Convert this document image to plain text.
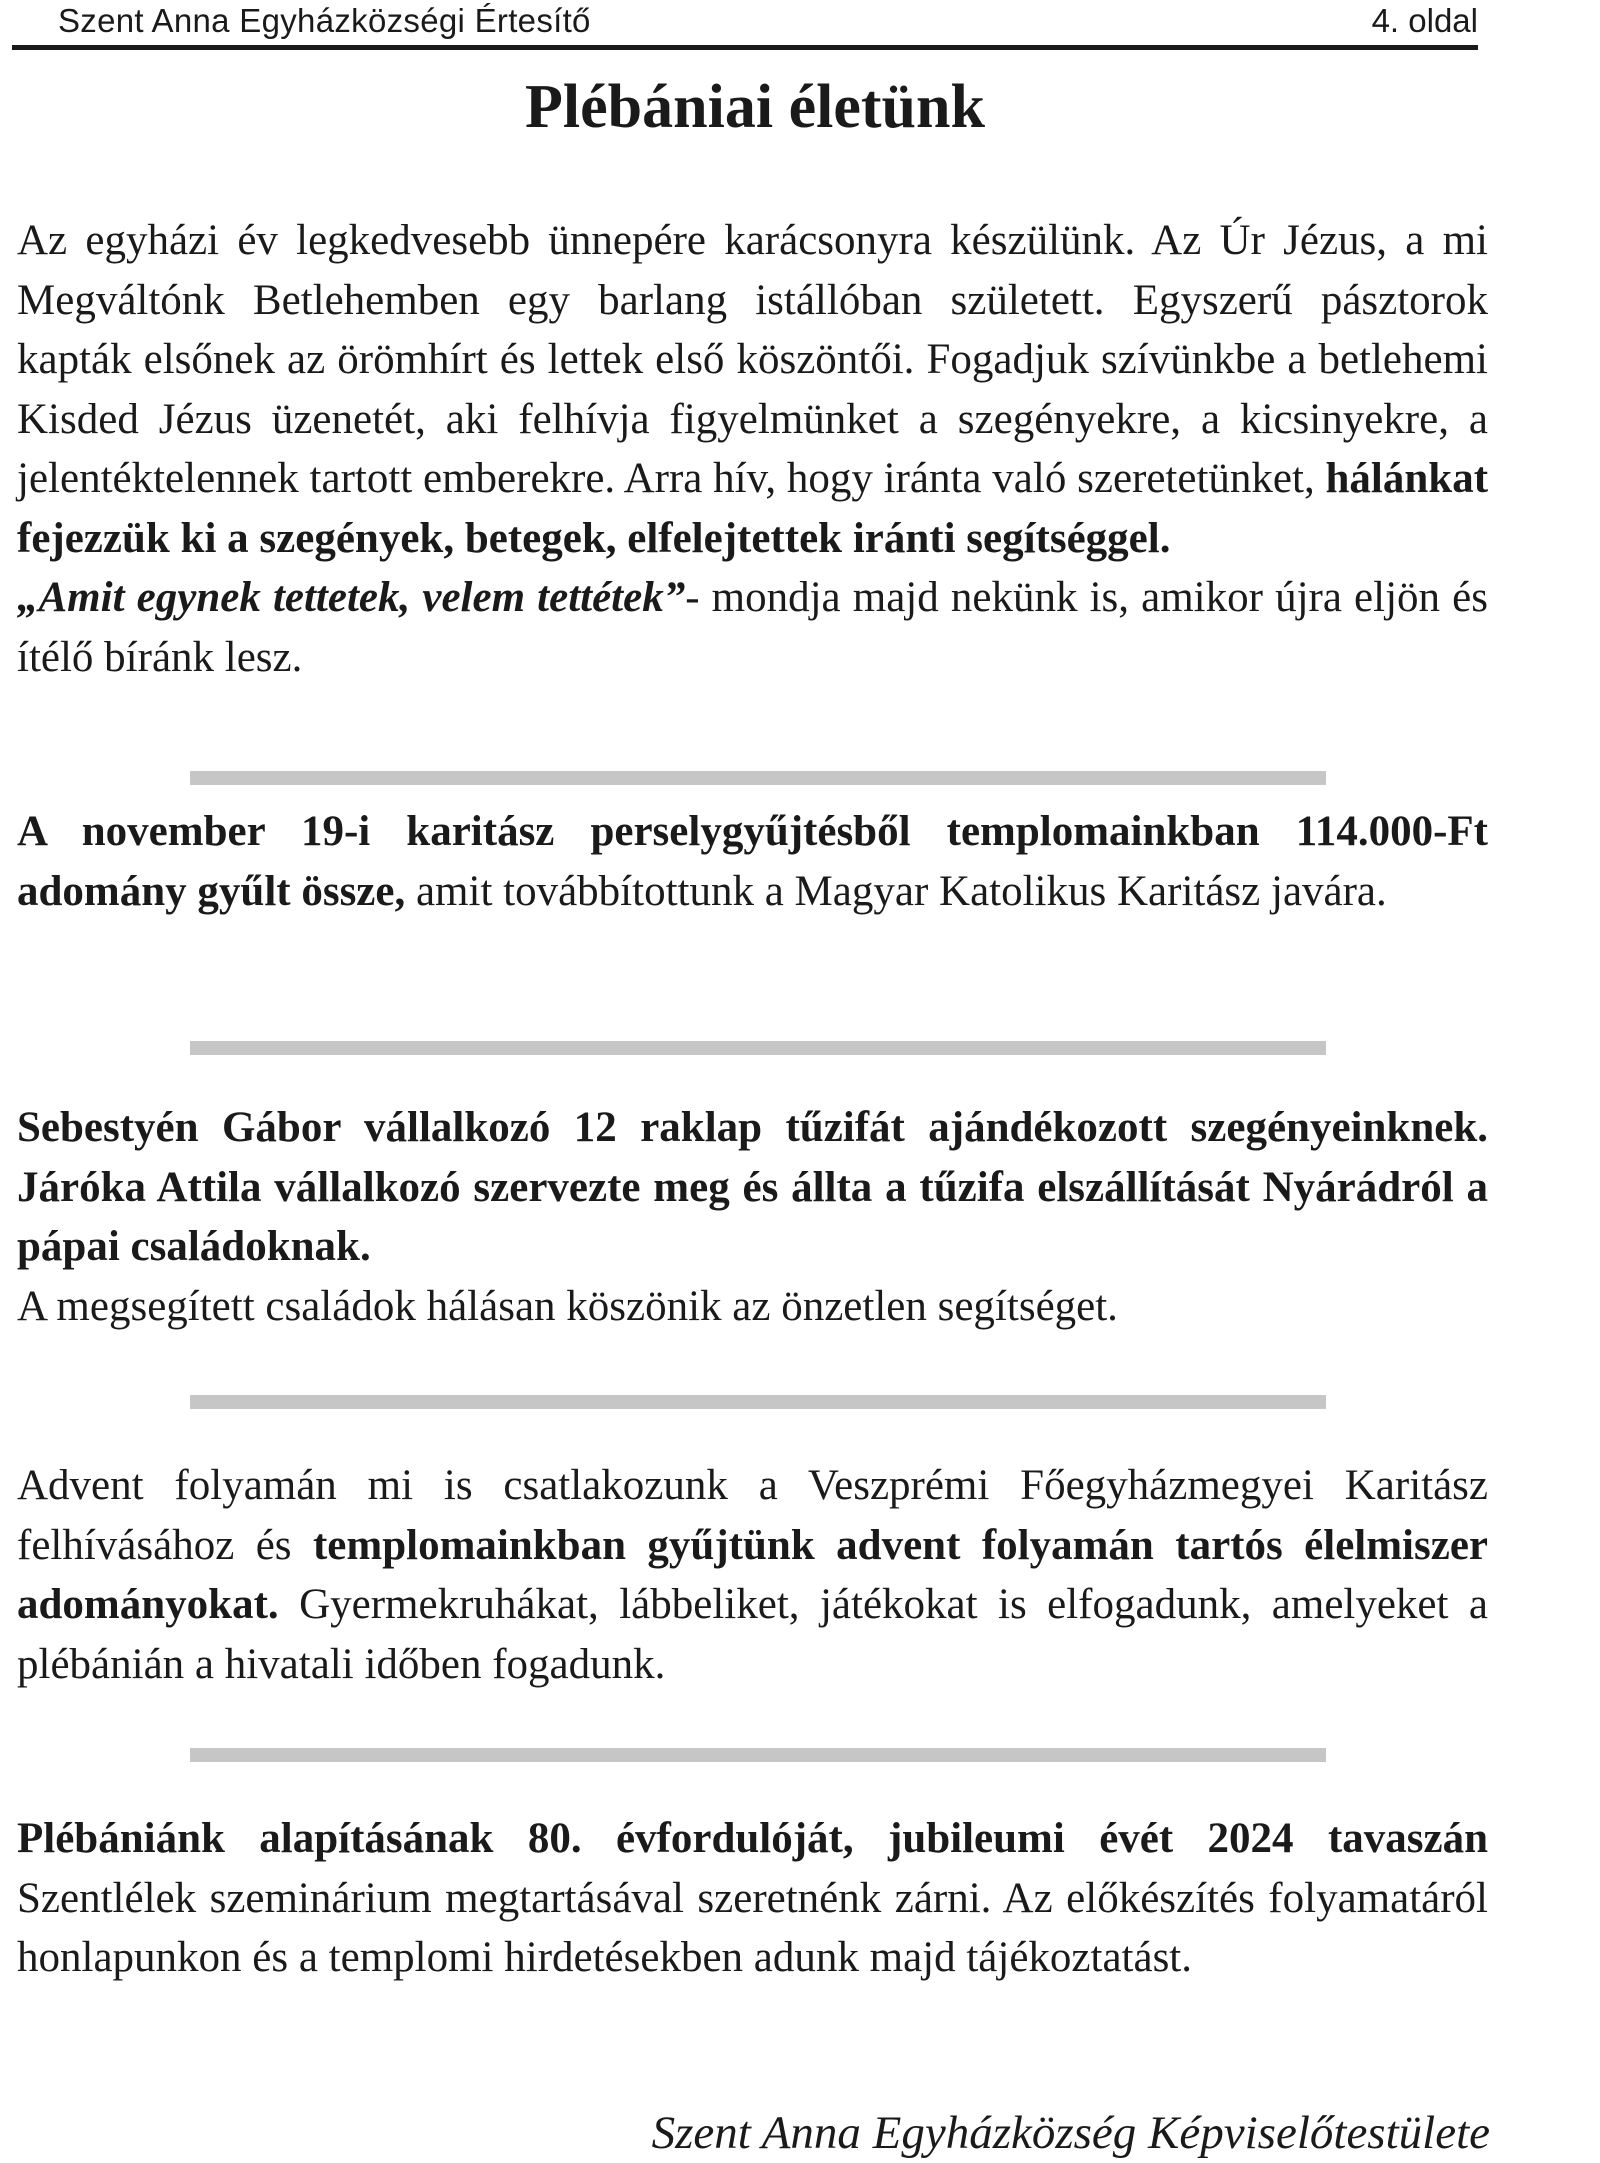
Szent Anna Egyházközségi Értesítő	4. oldal
Plébániai életünk

Az egyházi év legkedvesebb ünnepére karácsonyra készülünk. Az Úr Jézus, a mi Megváltónk Betlehemben egy barlang istállóban született. Egyszerű pásztorok kapták elsőnek az örömhírt és lettek első köszöntői. Fogadjuk szívünkbe a betlehemi Kisded Jézus üzenetét, aki felhívja figyelmünket a szegényekre, a kicsinyekre, a jelentéktelennek tartott emberekre. Arra hív, hogy iránta való szeretetünket, hálánkat fejezzük ki a szegények, betegek, elfelejtettek iránti segítséggel.
„Amit egynek tettetek, velem tettétek”- mondja majd nekünk is, amikor újra eljön és ítélő bíránk lesz.

A november 19-i karitász perselygyűjtésből templomainkban 114.000-Ft adomány gyűlt össze, amit továbbítottunk a Magyar Katolikus Karitász javára.

Sebestyén Gábor vállalkozó 12 raklap tűzifát ajándékozott szegényeinknek. Járóka Attila vállalkozó szervezte meg és állta a tűzifa elszállítását Nyárádról a pápai családoknak.
A megsegített családok hálásan köszönik az önzetlen segítséget.

Advent folyamán mi is csatlakozunk a Veszprémi Főegyházmegyei Karitász felhívásához és templomainkban gyűjtünk advent folyamán tartós élelmiszer adományokat. Gyermekruhákat, lábbeliket, játékokat is elfogadunk, amelyeket a plébánián a hivatali időben fogadunk.

Plébániánk alapításának 80. évfordulóját, jubileumi évét 2024 tavaszán Szentlélek szeminárium megtartásával szeretnénk zárni. Az előkészítés folyamatáról honlapunkon és a templomi hirdetésekben adunk majd tájékoztatást.

Szent Anna Egyházközség Képviselőtestülete
